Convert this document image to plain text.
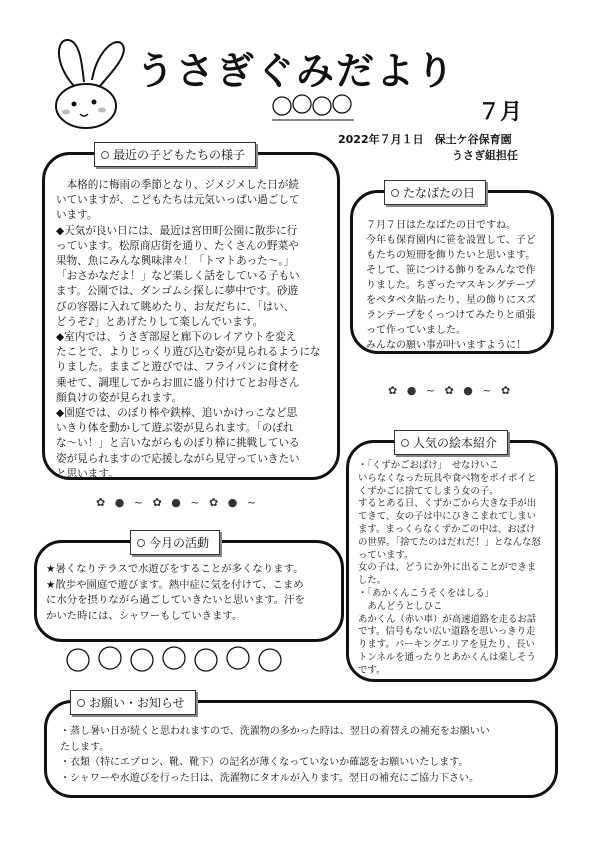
うさぎぐみだより
７月
2022年７月１日　保土ケ谷保育園
うさぎ組担任
最近の子どもたちの様子
　本格的に梅雨の季節となり、ジメジメした日が続
いていますが、こどもたちは元気いっぱい過ごして
います。
◆天気が良い日には、最近は宮田町公園に散歩に行
っています。松原商店街を通り、たくさんの野菜や
果物、魚にみんな興味津々！「トマトあった～。」
「おさかなだよ！」など楽しく話をしている子もい
ます。公園では、ダンゴムシ探しに夢中です。砂遊
びの容器に入れて眺めたり、お友だちに、「はい、
どうぞ♪」とあげたりして楽しんでいます。
◆室内では、うさぎ部屋と廊下のレイアウトを変え
たことで、よりじっくり遊び込む姿が見られるようにな
りました。ままごと遊びでは、フライパンに食材を
乗せて、調理してからお皿に盛り付けてとお母さん
顔負けの姿が見られます。
◆園庭では、のぼり棒や鉄棒、追いかけっこなど思
いきり体を動かして遊ぶ姿が見られます。「のぼれ
な～い！」と言いながらものぼり棒に挑戦している
姿が見られますので応援しながら見守っていきたい
と思います。
たなばたの日
７月７日はたなばたの日ですね。
今年も保育園内に笹を設置して、子ど
もたちの短冊を飾りたいと思います。
そして、笹につける飾りをみんなで作
りました。ちぎったマスキングテープ
をペタペタ貼ったり、星の飾りにスズ
ランテープをくっつけてみたりと頑張
って作っていました。
みんなの願い事が叶いますように！
✿ ● ~ ✿ ● ~ ✿
人気の絵本紹介
・「くずかごおばけ」　せなけいこ
いらなくなった玩具や食べ物をポイポイと
くずかごに捨ててしまう女の子。
するとある日、くずかごから大きな手が出
てきて、女の子は中にひきこまれてしまい
ます。まっくらなくずかごの中は、おばけ
の世界。「捨てたのはだれだ！」となんな怒
っています。
女の子は、どうにか外に出ることができま
した。
・「あかくんこうそくをはしる」
　あんどうとしひこ
あかくん（赤い車）が高速道路を走るお話
です。信号もない広い道路を思いっきり走
ります。パーキングエリアを見たり、長い
トンネルを通ったりとあかくんは楽しそう
です。
✿ ● ~ ✿ ● ~ ✿ ● ~
今月の活動
★暑くなりテラスで水遊びをすることが多くなります。
★散歩や園庭で遊びます。熱中症に気を付けて、こまめ
に水分を摂りながら過ごしていきたいと思います。汗を
かいた時には、シャワーもしていきます。
お願い・お知らせ
・蒸し暑い日が続くと思われますので、洗濯物の多かった時は、翌日の着替えの補充をお願いい
たします。
・衣類（特にエプロン、靴、靴下）の記名が薄くなっていないか確認をお願いいたします。
・シャワーや水遊びを行った日は、洗濯物にタオルが入ります。翌日の補充にご協力下さい。
